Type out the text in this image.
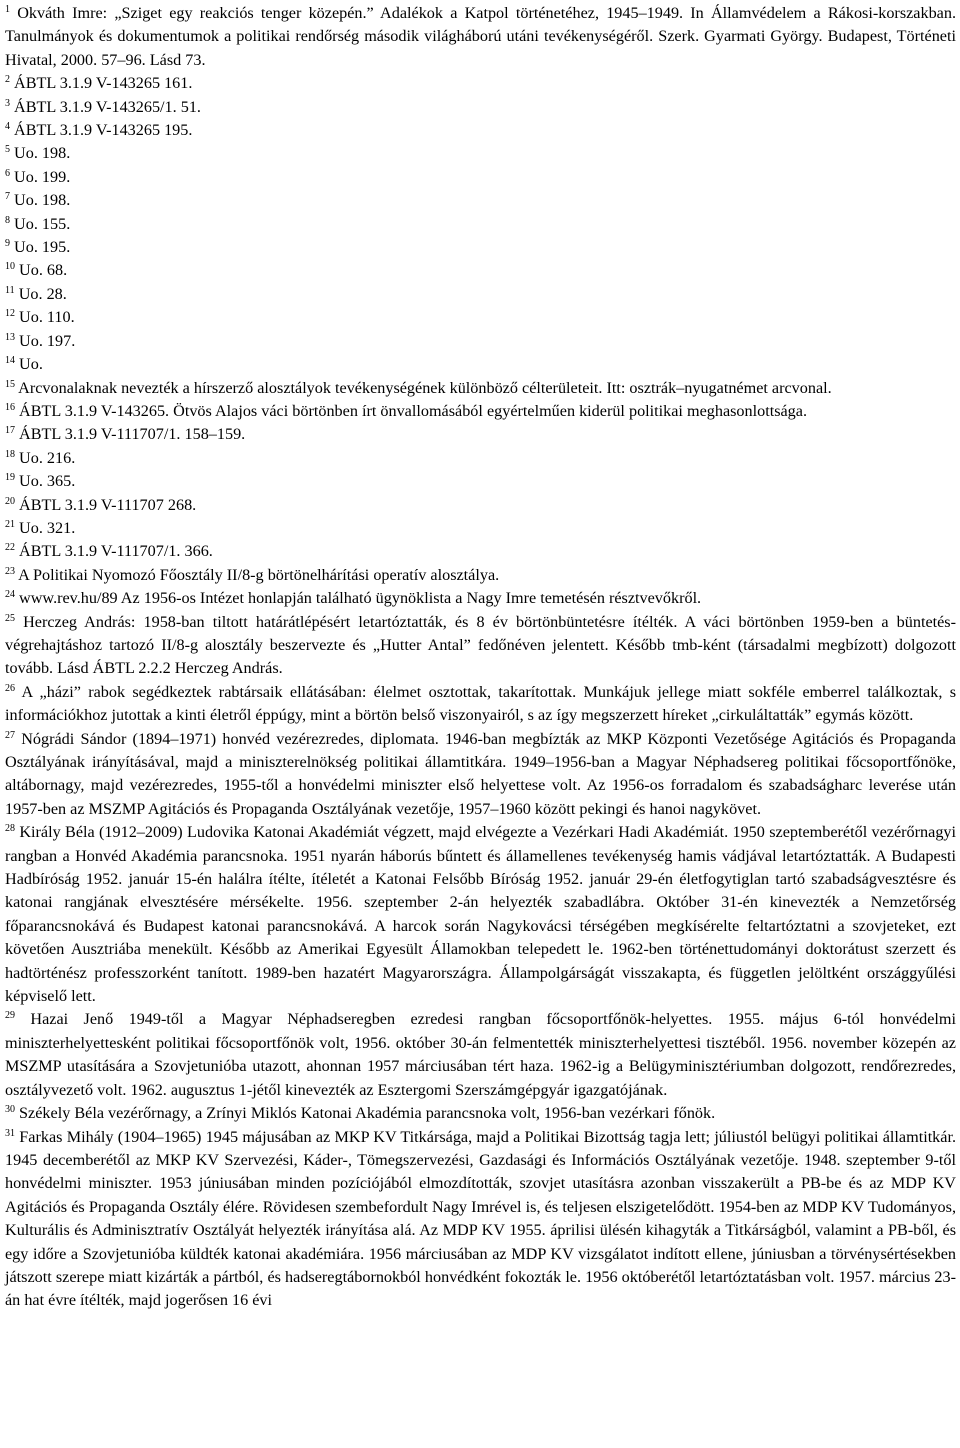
$^1$ Okváth Imre: „Sziget egy reakciós tenger közepén.” Adalékok a Katpol történetéhez, 1945–1949. In Államvédelem a Rákosi-korszakban. Tanulmányok és dokumentumok a politikai rendőrség második világháború utáni tevékenységéről. Szerk. Gyarmati György. Budapest, Történeti Hivatal, 2000. 57–96. Lásd 73.

$^2$ ÁBTL 3.1.9 V-143265 161.

$^3$ ÁBTL 3.1.9 V-143265/1. 51.

$^4$ ÁBTL 3.1.9 V-143265 195.

$^5$ Uo. 198.

$^6$ Uo. 199.

$^7$ Uo. 198.

$^8$ Uo. 155.

$^9$ Uo. 195.

$^{10}$ Uo. 68.

$^{11}$ Uo. 28.

$^{12}$ Uo. 110.

$^{13}$ Uo. 197.

$^{14}$ Uo.

$^{15}$ Arcvonalaknak nevezték a hírszerző alosztályok tevékenységének különböző célterületeit. Itt: osztrák–nyugatnémet arcvonal.

$^{16}$ ÁBTL 3.1.9 V-143265. Ötvös Alajos váci börtönben írt önvallomásából egyértelműen kiderül politikai meghasonlottsága.

$^{17}$ ÁBTL 3.1.9 V-111707/1. 158–159.

$^{18}$ Uo. 216.

$^{19}$ Uo. 365.

$^{20}$ ÁBTL 3.1.9 V-111707 268.

$^{21}$ Uo. 321.

$^{22}$ ÁBTL 3.1.9 V-111707/1. 366.

$^{23}$ A Politikai Nyomozó Főosztály II/8-g börtönelhárítási operatív alosztálya.

$^{24}$ www.rev.hu/89 Az 1956-os Intézet honlapján található ügynöklista a Nagy Imre temetésén résztvevőkről.

$^{25}$ Herczeg András: 1958-ban tiltott határátlépésért letartóztatták, és 8 év börtönbüntetésre ítélték. A váci börtönben 1959-ben a büntetés-végrehajtáshoz tartozó II/8-g alosztály beszervezte és „Hutter Antal” fedőnéven jelentett. Később tmb-ként (társadalmi megbízott) dolgozott tovább. Lásd ÁBTL 2.2.2 Herczeg András.

$^{26}$ A „házi” rabok segédkeztek rabtársaik ellátásában: élelmet osztottak, takarítottak. Munkájuk jellege miatt sokféle emberrel találkoztak, s információkhoz jutottak a kinti életről éppúgy, mint a börtön belső viszonyairól, s az így megszerzett híreket „cirkuláltatták” egymás között.

$^{27}$ Nógrádi Sándor (1894–1971) honvéd vezérezredes, diplomata. 1946-ban megbízták az MKP Központi Vezetősége Agitációs és Propaganda Osztályának irányításával, majd a miniszterelnökség politikai államtitkára. 1949–1956-ban a Magyar Néphadsereg politikai főcsoportfőnöke, altábornagy, majd vezérezredes, 1955-től a honvédelmi miniszter első helyettese volt. Az 1956-os forradalom és szabadságharc leverése után 1957-ben az MSZMP Agitációs és Propaganda Osztályának vezetője, 1957–1960 között pekingi és hanoi nagykövet.

$^{28}$ Király Béla (1912–2009) Ludovika Katonai Akadémiát végzett, majd elvégezte a Vezérkari Hadi Akadémiát. 1950 szeptemberétől vezérőrnagyi rangban a Honvéd Akadémia parancsnoka. 1951 nyarán háborús bűntett és államellenes tevékenység hamis vádjával letartóztatták. A Budapesti Hadbíróság 1952. január 15-én halálra ítélte, ítéletét a Katonai Felsőbb Bíróság 1952. január 29-én életfogytiglan tartó szabadságvesztésre és katonai rangjának elvesztésére mérsékelte. 1956. szeptember 2-án helyezték szabadlábra. Október 31-én kinevezték a Nemzetőrség főparancsnokává és Budapest katonai parancsnokává. A harcok során Nagykovácsi térségében megkísérelte feltartóztatni a szovjeteket, ezt követően Ausztriába menekült. Később az Amerikai Egyesült Államokban telepedett le. 1962-ben történettudományi doktorátust szerzett és hadtörténész professzorként tanított. 1989-ben hazatért Magyarországra. Állampolgárságát visszakapta, és független jelöltként országgyűlési képviselő lett.

$^{29}$ Hazai Jenő 1949-től a Magyar Néphadseregben ezredesi rangban főcsoportfőnök-helyettes. 1955. május 6-tól honvédelmi miniszterhelyettesként politikai főcsoportfőnök volt, 1956. október 30-án felmentették miniszterhelyettesi tisztéből. 1956. november közepén az MSZMP utasítására a Szovjetunióba utazott, ahonnan 1957 márciusában tért haza. 1962-ig a Belügyminisztériumban dolgozott, rendőrezredes, osztályvezető volt. 1962. augusztus 1-jétől kinevezték az Esztergomi Szerszámgépgyár igazgatójának.

$^{30}$ Székely Béla vezérőrnagy, a Zrínyi Miklós Katonai Akadémia parancsnoka volt, 1956-ban vezérkari főnök.

$^{31}$ Farkas Mihály (1904–1965) 1945 májusában az MKP KV Titkársága, majd a Politikai Bizottság tagja lett; júliustól belügyi politikai államtitkár. 1945 decemberétől az MKP KV Szervezési, Káder-, Tömegszervezési, Gazdasági és Információs Osztályának vezetője. 1948. szeptember 9-től honvédelmi miniszter. 1953 júniusában minden pozíciójából elmozdították, szovjet utasításra azonban visszakerült a PB-be és az MDP KV Agitációs és Propaganda Osztály élére. Rövidesen szembefordult Nagy Imrével is, és teljesen elszigetelődött. 1954-ben az MDP KV Tudományos, Kulturális és Adminisztratív Osztályát helyezték irányítása alá. Az MDP KV 1955. áprilisi ülésén kihagyták a Titkárságból, valamint a PB-ből, és egy időre a Szovjetunióba küldték katonai akadémiára. 1956 márciusában az MDP KV vizsgálatot indított ellene, júniusban a törvénysértésekben játszott szerepe miatt kizárták a pártból, és hadseregtábornokból honvédként fokozták le. 1956 októberétől letartóztatásban volt. 1957. március 23-án hat évre ítélték, majd jogerősen 16 évi
